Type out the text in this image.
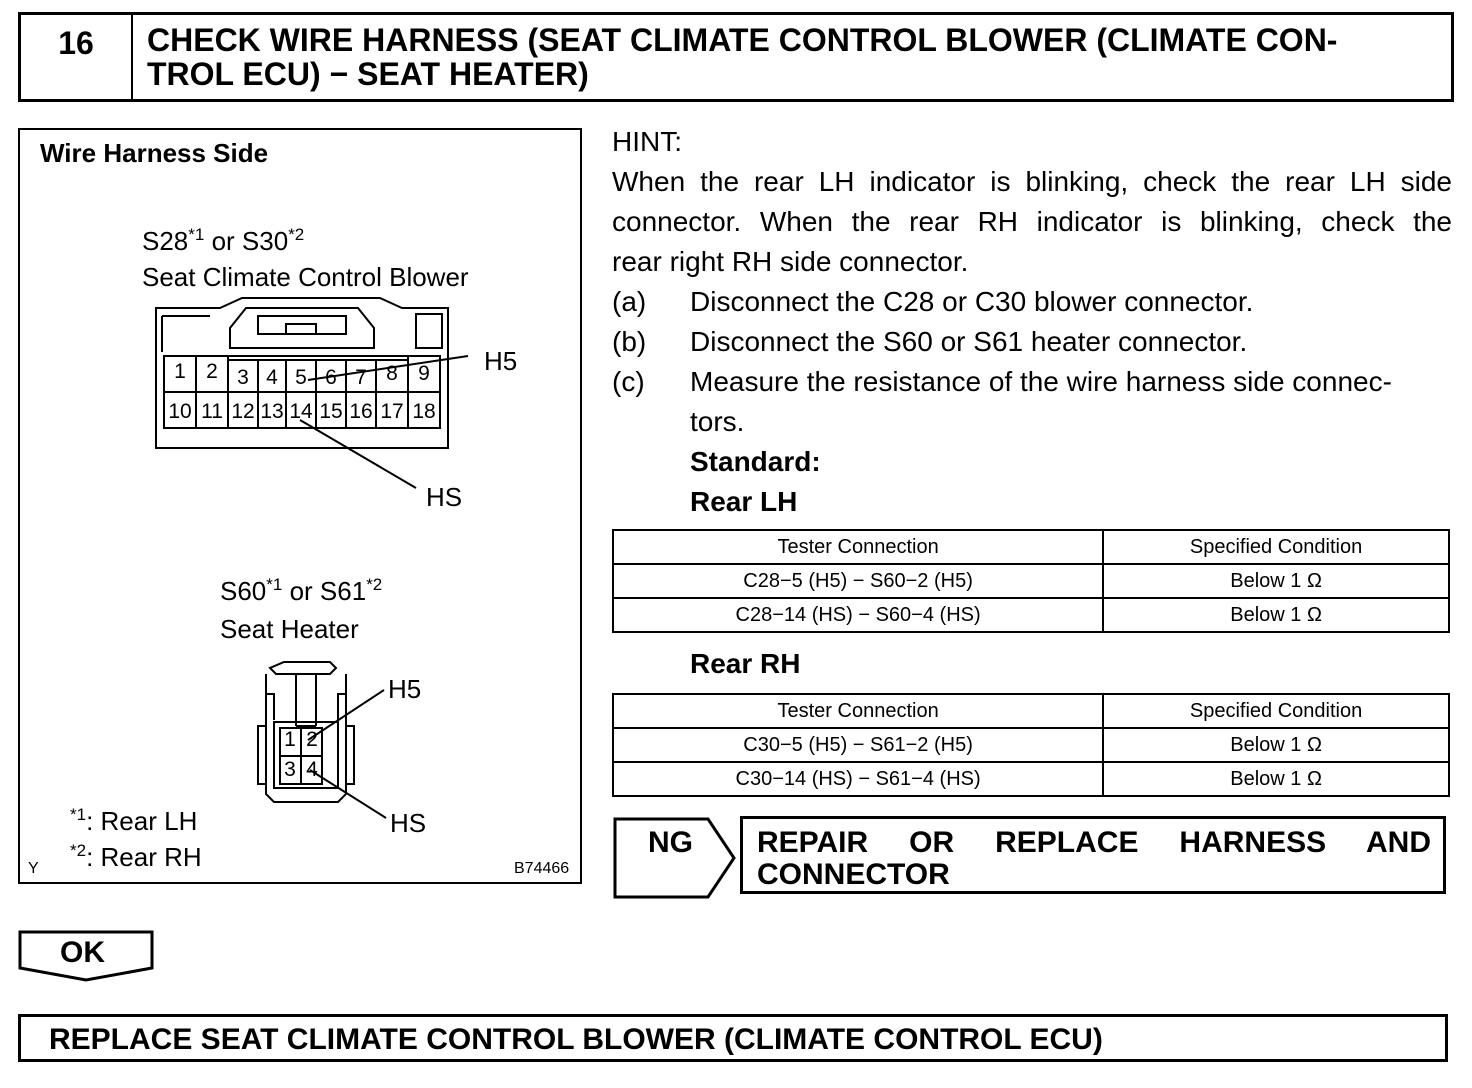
16	CHECK WIRE HARNESS (SEAT CLIMATE CONTROL BLOWER (CLIMATE CON-
TROL ECU) − SEAT HEATER)
Wire Harness Side
S28$^{*1}$ or S30$^{*2}$
Seat Climate Control Blower
1 2 3 4 5 6 7 8 9
10 11 12 13 14 15 16 17 18
H5
HS
S60$^{*1}$ or S61$^{*2}$
Seat Heater
1 2
3 4
H5
HS
$^{*1}$: Rear LH
$^{*2}$: Rear RH
Y	B74466
HINT:
When the rear LH indicator is blinking, check the rear LH side
connector. When the rear RH indicator is blinking, check the
rear right RH side connector.
(a) Disconnect the C28 or C30 blower connector.
(b) Disconnect the S60 or S61 heater connector.
(c) Measure the resistance of the wire harness side connec-
tors.
Standard:
Rear LH
Tester Connection	Specified Condition
C28−5 (H5) − S60−2 (H5)	Below 1 Ω
C28−14 (HS) − S60−4 (HS)	Below 1 Ω
Rear RH
Tester Connection	Specified Condition
C30−5 (H5) − S61−2 (H5)	Below 1 Ω
C30−14 (HS) − S61−4 (HS)	Below 1 Ω
NG REPAIR OR REPLACE HARNESS AND
CONNECTOR
OK
REPLACE SEAT CLIMATE CONTROL BLOWER (CLIMATE CONTROL ECU)
